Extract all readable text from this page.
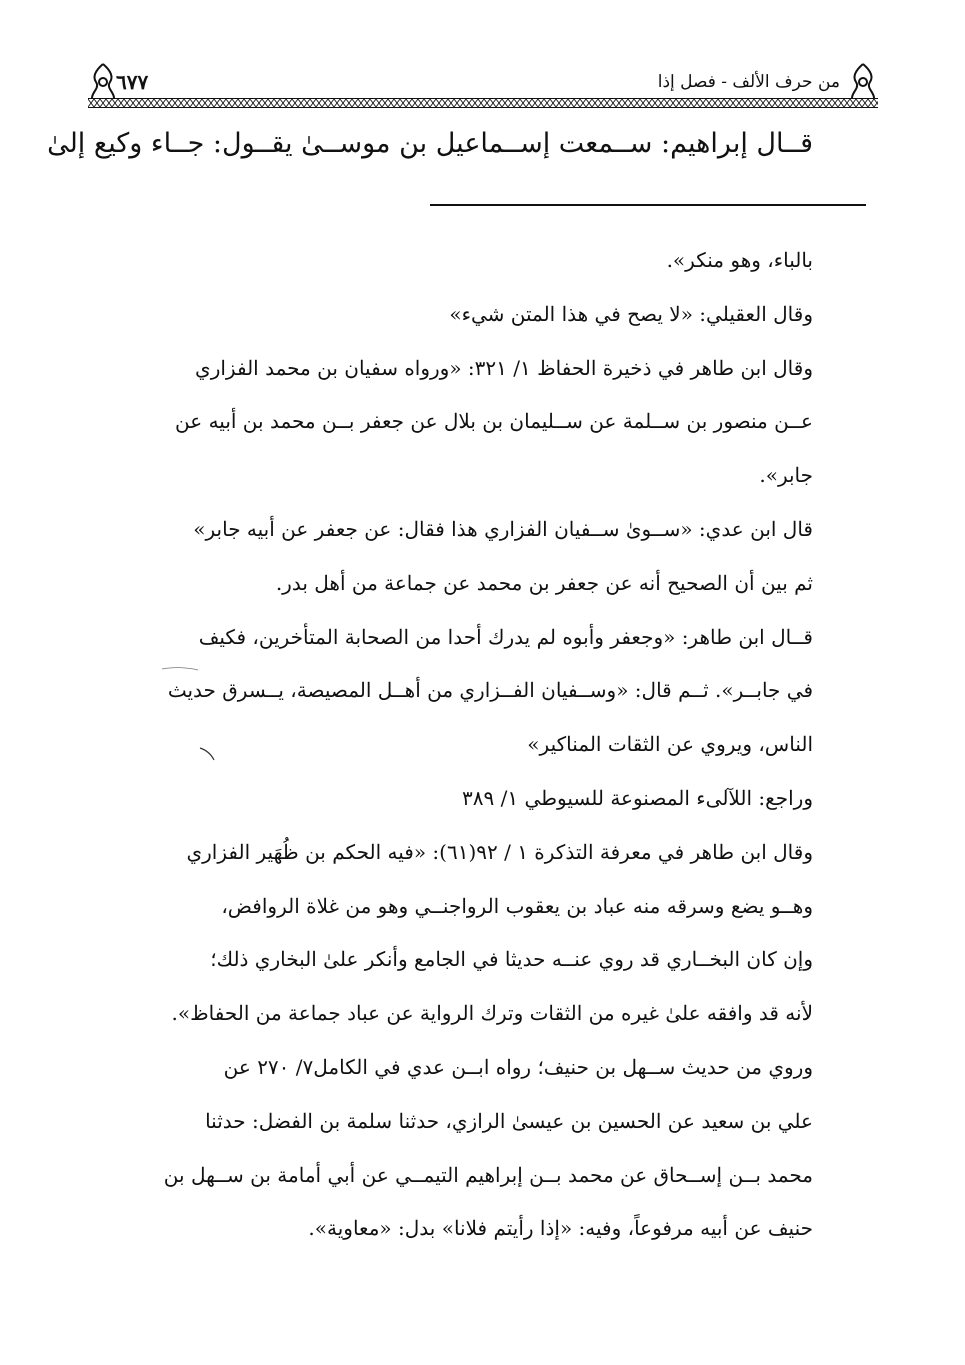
من حرف الألف - فصل إذا
٦٧٧
قــال إبراهيم: ســمعت إســماعيل بن موســىٰ يقــول: جــاء وكيع إلىٰ
بالباء، وهو منكر».
وقال العقيلي: «لا يصح في هذا المتن شيء»
وقال ابن طاهر في ذخيرة الحفاظ ١/ ٣٢١: «ورواه سفيان بن محمد الفزاري
عــن منصور بن ســلمة عن ســليمان بن بلال عن جعفر بــن محمد بن أبيه عن
جابر».
قال ابن عدي: «ســوىٰ ســفيان الفزاري هذا فقال: عن جعفر عن أبيه جابر»
ثم بين أن الصحيح أنه عن جعفر بن محمد عن جماعة من أهل بدر.
قــال ابن طاهر: «وجعفر وأبوه لم يدرك أحدا من الصحابة المتأخرين، فكيف
في جابــر». ثــم قال: «وســفيان الفــزاري من أهــل المصيصة، يــسرق حديث
الناس، ويروي عن الثقات المناكير»
وراجع: اللآلىء المصنوعة للسيوطي ١/ ٣٨٩
وقال ابن طاهر في معرفة التذكرة ١ / ٩٢(٦١): «فيه الحكم بن ظُهَير الفزاري
وهــو يضع وسرقه منه عباد بن يعقوب الرواجنــي وهو من غلاة الروافض،
وإن كان البخــاري قد روي عنــه حديثا في الجامع وأنكر علىٰ البخاري ذلك؛
لأنه قد وافقه علىٰ غيره من الثقات وترك الرواية عن عباد جماعة من الحفاظ».
وروي من حديث ســهل بن حنيف؛ رواه ابــن عدي في الكامل٧/ ٢٧٠ عن
علي بن سعيد عن الحسين بن عيسىٰ الرازي، حدثنا سلمة بن الفضل: حدثنا
محمد بــن إســحاق عن محمد بــن إبراهيم التيمــي عن أبي أمامة بن ســهل بن
حنيف عن أبيه مرفوعاً، وفيه: «إذا رأيتم فلانا» بدل: «معاوية».
